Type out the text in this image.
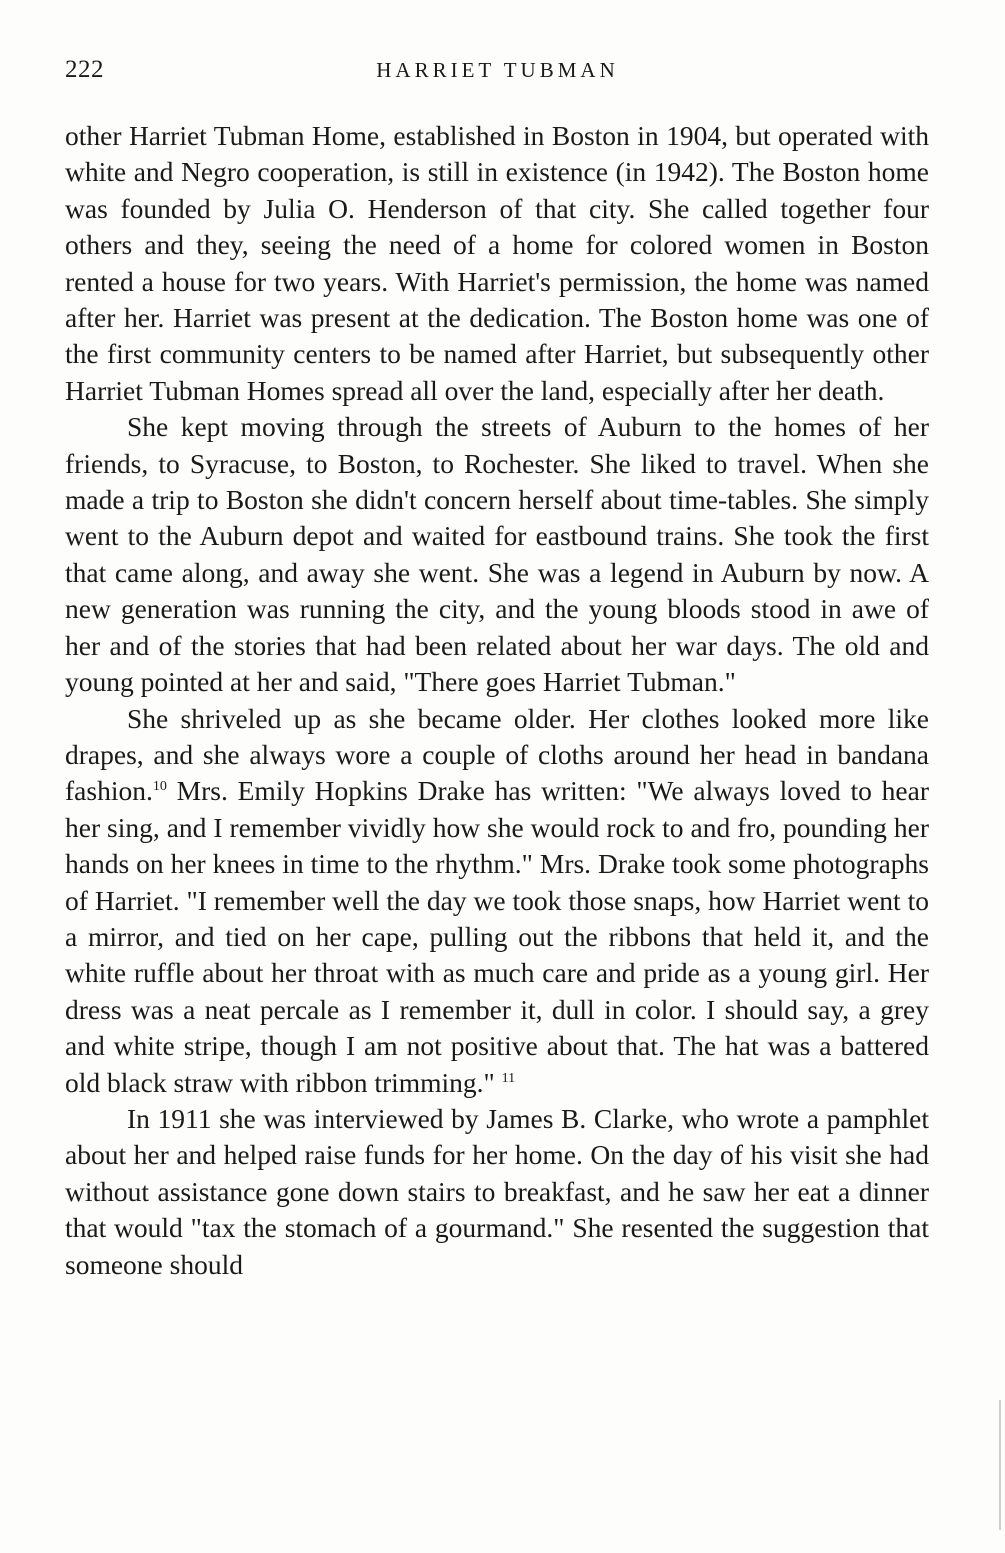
222	HARRIET TUBMAN

other Harriet Tubman Home, established in Boston in 1904, but operated with white and Negro cooperation, is still in existence (in 1942). The Boston home was founded by Julia O. Henderson of that city. She called together four others and they, seeing the need of a home for colored women in Boston rented a house for two years. With Harriet's permission, the home was named after her. Harriet was present at the dedication. The Boston home was one of the first community centers to be named after Harriet, but subsequently other Harriet Tubman Homes spread all over the land, especially after her death.

She kept moving through the streets of Auburn to the homes of her friends, to Syracuse, to Boston, to Rochester. She liked to travel. When she made a trip to Boston she didn't concern herself about time-tables. She simply went to the Auburn depot and waited for eastbound trains. She took the first that came along, and away she went. She was a legend in Auburn by now. A new generation was running the city, and the young bloods stood in awe of her and of the stories that had been related about her war days. The old and young pointed at her and said, "There goes Harriet Tubman."

She shriveled up as she became older. Her clothes looked more like drapes, and she always wore a couple of cloths around her head in bandana fashion.$^{10}$ Mrs. Emily Hopkins Drake has written: "We always loved to hear her sing, and I remember vividly how she would rock to and fro, pounding her hands on her knees in time to the rhythm." Mrs. Drake took some photographs of Harriet. "I remember well the day we took those snaps, how Harriet went to a mirror, and tied on her cape, pulling out the ribbons that held it, and the white ruffle about her throat with as much care and pride as a young girl. Her dress was a neat percale as I remember it, dull in color. I should say, a grey and white stripe, though I am not positive about that. The hat was a battered old black straw with ribbon trimming." $^{11}$

In 1911 she was interviewed by James B. Clarke, who wrote a pamphlet about her and helped raise funds for her home. On the day of his visit she had without assistance gone down stairs to breakfast, and he saw her eat a dinner that would "tax the stomach of a gourmand." She resented the suggestion that someone should
